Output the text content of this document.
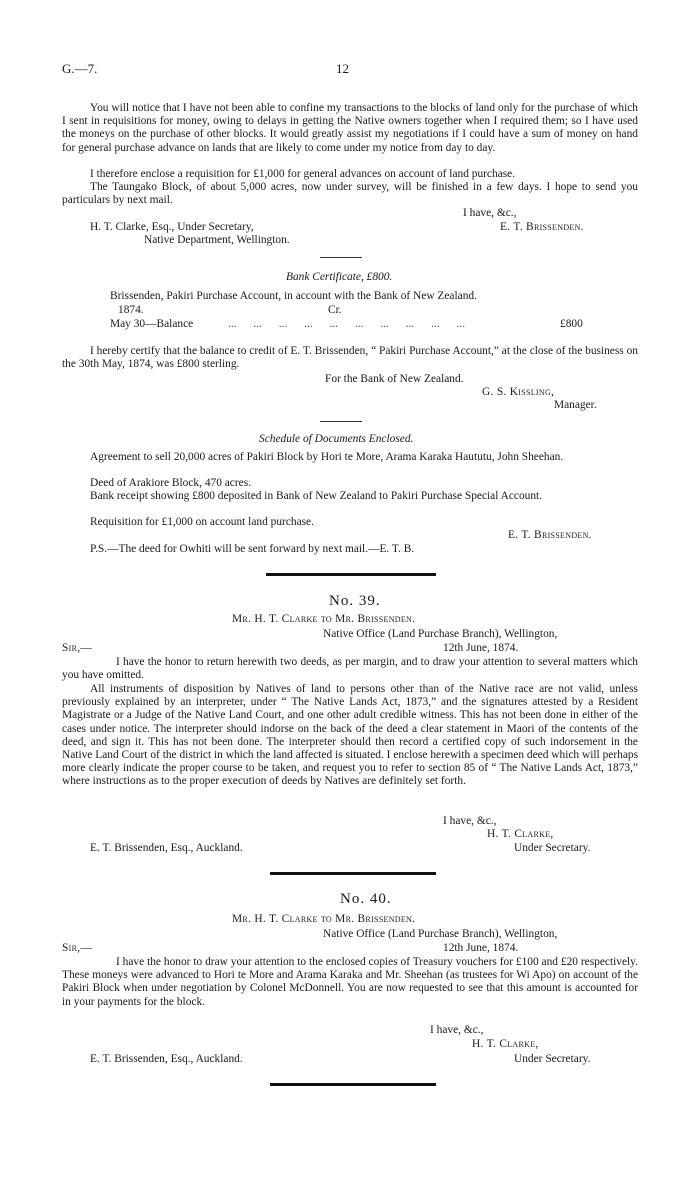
G.—7.	12
You will notice that I have not been able to confine my transactions to the blocks of land only for the purchase of which I sent in requisitions for money, owing to delays in getting the Native owners together when I required them; so I have used the moneys on the purchase of other blocks. It would greatly assist my negotiations if I could have a sum of money on hand for general purchase advance on lands that are likely to come under my notice from day to day.
I therefore enclose a requisition for £1,000 for general advances on account of land purchase.
The Taungako Block, of about 5,000 acres, now under survey, will be finished in a few days. I hope to send you particulars by next mail.
I have, &c.,
H. T. Clarke, Esq., Under Secretary,	E. T. Brissenden.
Native Department, Wellington.
Bank Certificate, £800.
Brissenden, Pakiri Purchase Account, in account with the Bank of New Zealand.
1874.	Cr.
May 30—Balance	... ... ... ... ... ... ... ... ... ...	£800
I hereby certify that the balance to credit of E. T. Brissenden, “ Pakiri Purchase Account,” at the close of the business on the 30th May, 1874, was £800 sterling.
For the Bank of New Zealand.
G. S. Kissling,
Manager.
Schedule of Documents Enclosed.
Agreement to sell 20,000 acres of Pakiri Block by Hori te More, Arama Karaka Haututu, John Sheehan.
Deed of Arakiore Block, 470 acres.
Bank receipt showing £800 deposited in Bank of New Zealand to Pakiri Purchase Special Account.
Requisition for £1,000 on account land purchase.
E. T. Brissenden.
P.S.—The deed for Owhiti will be sent forward by next mail.—E. T. B.
No. 39.
Mr. H. T. Clarke to Mr. Brissenden.
Native Office (Land Purchase Branch), Wellington,
Sir,—	12th June, 1874.
I have the honor to return herewith two deeds, as per margin, and to draw your attention to several matters which you have omitted.
All instruments of disposition by Natives of land to persons other than of the Native race are not valid, unless previously explained by an interpreter, under “ The Native Lands Act, 1873,” and the signatures attested by a Resident Magistrate or a Judge of the Native Land Court, and one other adult credible witness. This has not been done in either of the cases under notice. The interpreter should indorse on the back of the deed a clear statement in Maori of the contents of the deed, and sign it. This has not been done. The interpreter should then record a certified copy of such indorsement in the Native Land Court of the district in which the land affected is situated. I enclose herewith a specimen deed which will perhaps more clearly indicate the proper course to be taken, and request you to refer to section 85 of “ The Native Lands Act, 1873,” where instructions as to the proper execution of deeds by Natives are definitely set forth.
I have, &c.,
H. T. Clarke,
E. T. Brissenden, Esq., Auckland.	Under Secretary.
No. 40.
Mr. H. T. Clarke to Mr. Brissenden.
Native Office (Land Purchase Branch), Wellington,
Sir,—	12th June, 1874.
I have the honor to draw your attention to the enclosed copies of Treasury vouchers for £100 and £20 respectively. These moneys were advanced to Hori te More and Arama Karaka and Mr. Sheehan (as trustees for Wi Apo) on account of the Pakiri Block when under negotiation by Colonel McDonnell. You are now requested to see that this amount is accounted for in your payments for the block.
I have, &c.,
H. T. Clarke,
E. T. Brissenden, Esq., Auckland.	Under Secretary.
